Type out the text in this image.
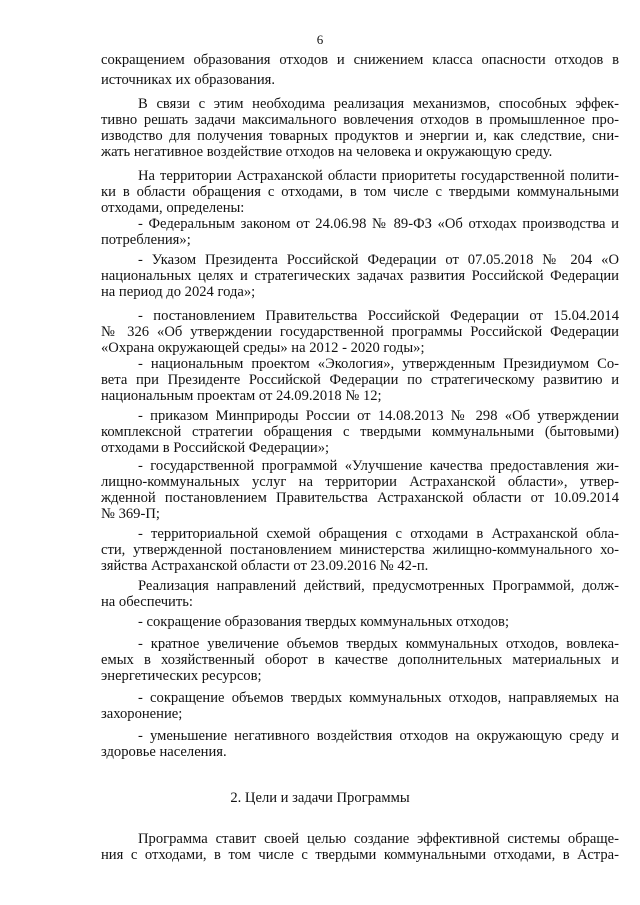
6
сокращением образования отходов и снижением класса опасности отходов в
источниках их образования.
В связи с этим необходима реализация механизмов, способных эффек-
тивно решать задачи максимального вовлечения отходов в промышленное про-
изводство для получения товарных продуктов и энергии и, как следствие, сни-
жать негативное воздействие отходов на человека и окружающую среду.
На территории Астраханской области приоритеты государственной полити-
ки в области обращения с отходами, в том числе с твердыми коммунальными
отходами, определены:
- Федеральным законом от 24.06.98 № 89-ФЗ «Об отходах производства и
потребления»;
- Указом Президента Российской Федерации от 07.05.2018 № 204 «О
национальных целях и стратегических задачах развития Российской Федерации
на период до 2024 года»;
- постановлением Правительства Российской Федерации от 15.04.2014
№ 326 «Об утверждении государственной программы Российской Федерации
«Охрана окружающей среды» на 2012 - 2020 годы»;
- национальным проектом «Экология», утвержденным Президиумом Со-
вета при Президенте Российской Федерации по стратегическому развитию и
национальным проектам от 24.09.2018 № 12;
- приказом Минприроды России от 14.08.2013 № 298 «Об утверждении
комплексной стратегии обращения с твердыми коммунальными (бытовыми)
отходами в Российской Федерации»;
- государственной программой «Улучшение качества предоставления жи-
лищно-коммунальных услуг на территории Астраханской области», утвер-
жденной постановлением Правительства Астраханской области от 10.09.2014
№ 369-П;
- территориальной схемой обращения с отходами в Астраханской обла-
сти, утвержденной постановлением министерства жилищно-коммунального хо-
зяйства Астраханской области от 23.09.2016 № 42-п.
Реализация направлений действий, предусмотренных Программой, долж-
на обеспечить:
- сокращение образования твердых коммунальных отходов;
- кратное увеличение объемов твердых коммунальных отходов, вовлека-
емых в хозяйственный оборот в качестве дополнительных материальных и
энергетических ресурсов;
- сокращение объемов твердых коммунальных отходов, направляемых на
захоронение;
- уменьшение негативного воздействия отходов на окружающую среду и
здоровье населения.
2. Цели и задачи Программы
Программа ставит своей целью создание эффективной системы обраще-
ния с отходами, в том числе с твердыми коммунальными отходами, в Астра-
